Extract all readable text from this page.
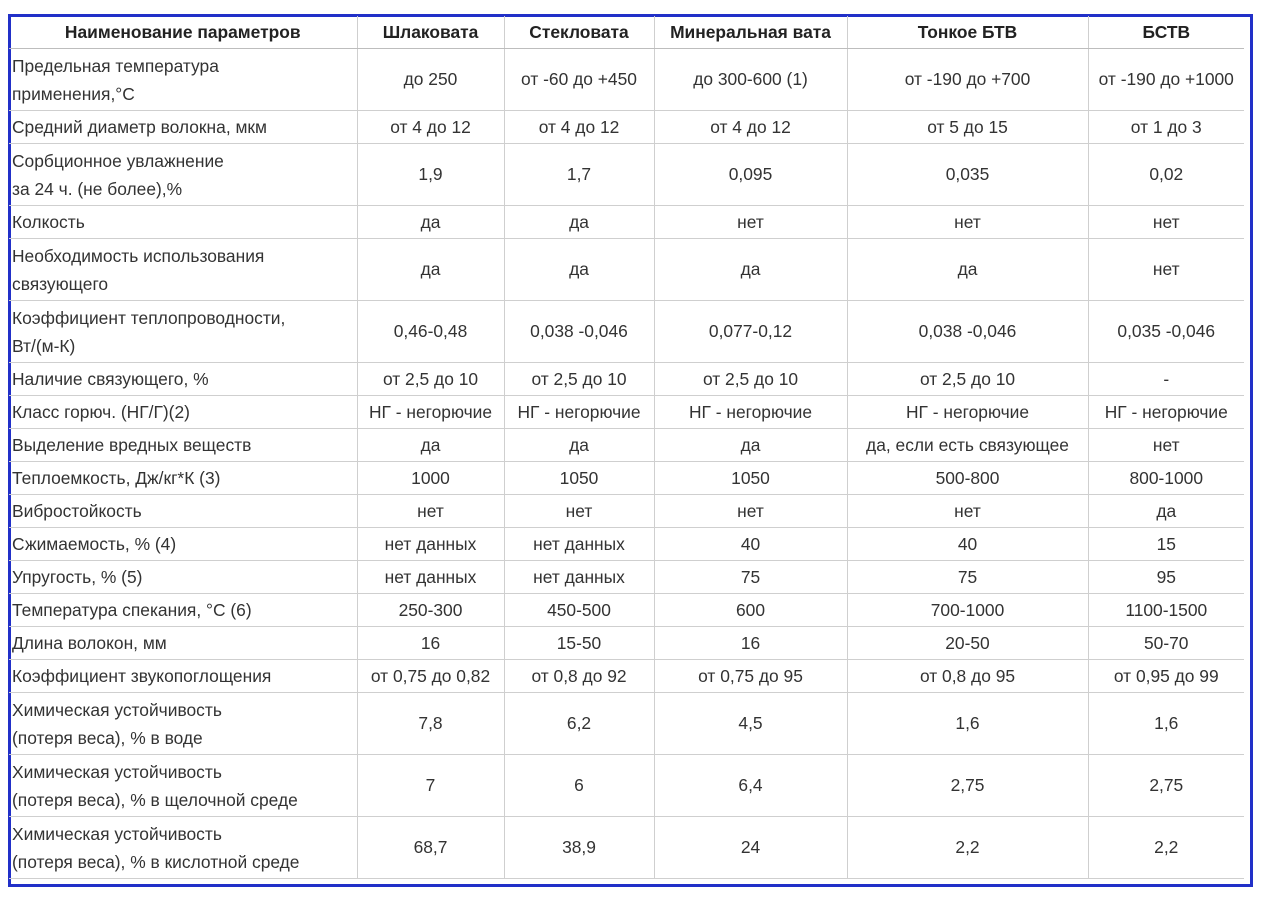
Наименование параметров	Шлаковата	Стекловата	Минеральная вата	Тонкое БТВ	БСТВ
Предельная температура
применения,°С	до 250	от -60 до +450	до 300-600 (1)	от -190 до +700	от -190 до +1000
Средний диаметр волокна, мкм	от 4 до 12	от 4 до 12	от 4 до 12	от 5 до 15	от 1 до 3
Сорбционное увлажнение
за 24 ч. (не более),%	1,9	1,7	0,095	0,035	0,02
Колкость	да	да	нет	нет	нет
Необходимость использования
связующего	да	да	да	да	нет
Коэффициент теплопроводности,
Вт/(м-К)	0,46-0,48	0,038 -0,046	0,077-0,12	0,038 -0,046	0,035 -0,046
Наличие связующего, %	от 2,5 до 10	от 2,5 до 10	от 2,5 до 10	от 2,5 до 10	-
Класс горюч. (НГ/Г)(2)	НГ - негорючие	НГ - негорючие	НГ - негорючие	НГ - негорючие	НГ - негорючие
Выделение вредных веществ	да	да	да	да, если есть связующее	нет
Теплоемкость, Дж/кг*К (3)	1000	1050	1050	500-800	800-1000
Вибростойкость	нет	нет	нет	нет	да
Сжимаемость, % (4)	нет данных	нет данных	40	40	15
Упругость, % (5)	нет данных	нет данных	75	75	95
Температура спекания, °С (6)	250-300	450-500	600	700-1000	1100-1500
Длина волокон, мм	16	15-50	16	20-50	50-70
Коэффициент звукопоглощения	от 0,75 до 0,82	от 0,8 до 92	от 0,75 до 95	от 0,8 до 95	от 0,95 до 99
Химическая устойчивость
(потеря веса), % в воде	7,8	6,2	4,5	1,6	1,6
Химическая устойчивость
(потеря веса), % в щелочной среде	7	6	6,4	2,75	2,75
Химическая устойчивость
(потеря веса), % в кислотной среде	68,7	38,9	24	2,2	2,2
